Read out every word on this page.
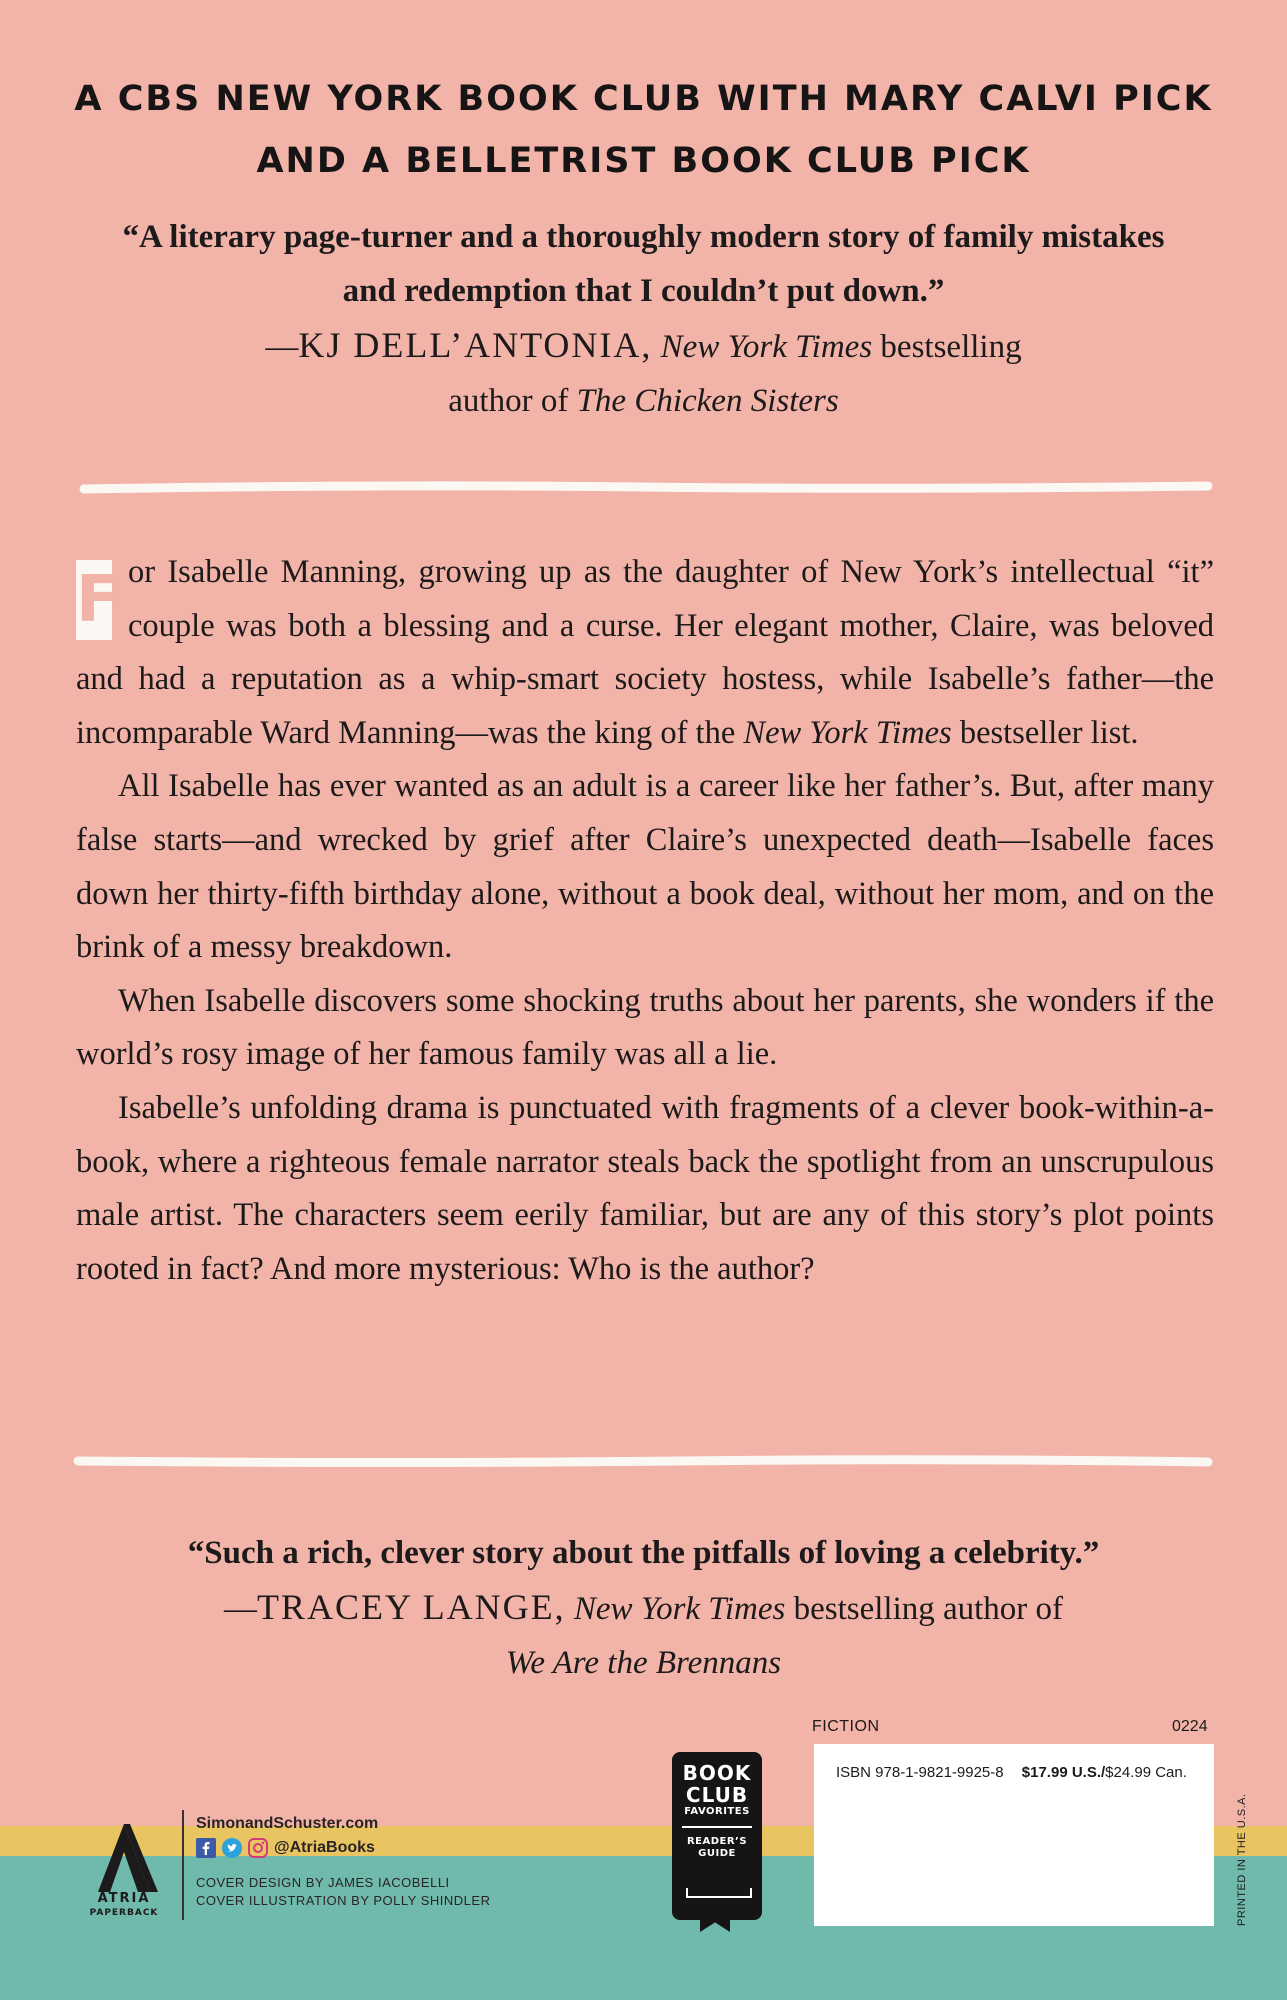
A CBS NEW YORK BOOK CLUB WITH MARY CALVI PICK
AND A BELLETRIST BOOK CLUB PICK
“A literary page-turner and a thoroughly modern story of family mistakes and redemption that I couldn’t put down.”
—KJ DELL’ANTONIA, New York Times bestselling
author of The Chicken Sisters

F or Isabelle Manning, growing up as the daughter of New York’s intellectual “it” couple was both a blessing and a curse. Her elegant mother, Claire, was beloved and had a reputation as a whip-smart society hostess, while Isabelle’s father—the incomparable Ward Manning—was the king of the New York Times bestseller list.

All Isabelle has ever wanted as an adult is a career like her father’s. But, after many false starts—and wrecked by grief after Claire’s unexpected death—Isabelle faces down her thirty-fifth birthday alone, without a book deal, without her mom, and on the brink of a messy breakdown.

When Isabelle discovers some shocking truths about her parents, she wonders if the world’s rosy image of her famous family was all a lie.

Isabelle’s unfolding drama is punctuated with fragments of a clever book-within-a-book, where a righteous female narrator steals back the spotlight from an unscrupulous male artist. The characters seem eerily familiar, but are any of this story’s plot points rooted in fact? And more mysterious: Who is the author?

“Such a rich, clever story about the pitfalls of loving a celebrity.”
—TRACEY LANGE, New York Times bestselling author of
We Are the Brennans
ATRIA
PAPERBACK
SimonandSchuster.com
@AtriaBooks
COVER DESIGN BY JAMES IACOBELLI
COVER ILLUSTRATION BY POLLY SHINDLER
BOOK
CLUB
FAVORITES
READER’S
GUIDE
FICTION	0224
ISBN 978-1-9821-9925-8 $17.99 U.S./$24.99 Can.
PRINTED IN THE U.S.A.
